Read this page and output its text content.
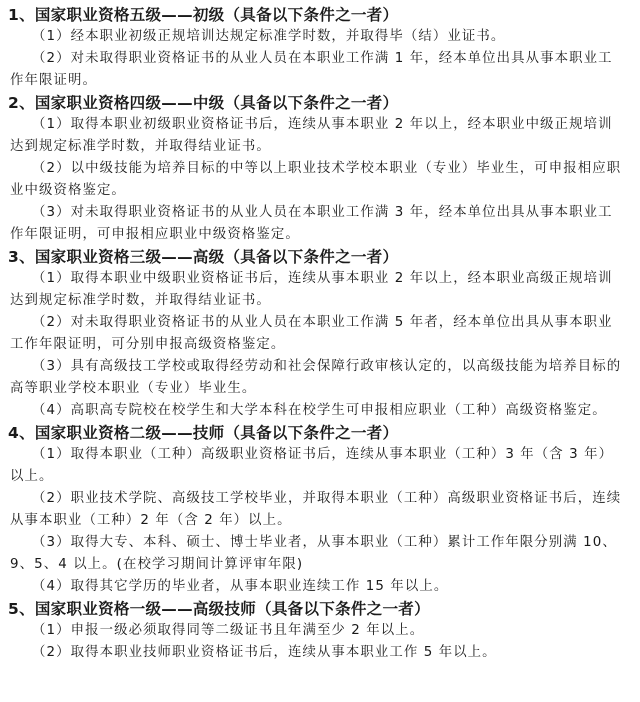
1、国家职业资格五级——初级（具备以下条件之一者）
（1）经本职业初级正规培训达规定标准学时数，并取得毕（结）业证书。
（2）对未取得职业资格证书的从业人员在本职业工作满 1 年，经本单位出具从事本职业工作年限证明。
2、国家职业资格四级——中级（具备以下条件之一者）
（1）取得本职业初级职业资格证书后，连续从事本职业 2 年以上，经本职业中级正规培训达到规定标准学时数，并取得结业证书。
（2）以中级技能为培养目标的中等以上职业技术学校本职业（专业）毕业生，可申报相应职业中级资格鉴定。
（3）对未取得职业资格证书的从业人员在本职业工作满 3 年，经本单位出具从事本职业工作年限证明，可申报相应职业中级资格鉴定。
3、国家职业资格三级——高级（具备以下条件之一者）
（1）取得本职业中级职业资格证书后，连续从事本职业 2 年以上，经本职业高级正规培训达到规定标准学时数，并取得结业证书。
（2）对未取得职业资格证书的从业人员在本职业工作满 5 年者，经本单位出具从事本职业工作年限证明，可分别申报高级资格鉴定。
（3）具有高级技工学校或取得经劳动和社会保障行政审核认定的，以高级技能为培养目标的高等职业学校本职业（专业）毕业生。
（4）高职高专院校在校学生和大学本科在校学生可申报相应职业（工种）高级资格鉴定。
4、国家职业资格二级——技师（具备以下条件之一者）
（1）取得本职业（工种）高级职业资格证书后，连续从事本职业（工种）3 年（含 3 年）以上。
（2）职业技术学院、高级技工学校毕业，并取得本职业（工种）高级职业资格证书后，连续从事本职业（工种）2 年（含 2 年）以上。
（3）取得大专、本科、硕士、博士毕业者，从事本职业（工种）累计工作年限分别满 10、9、5、4 以上。(在校学习期间计算评审年限)
（4）取得其它学历的毕业者，从事本职业连续工作 15 年以上。
5、国家职业资格一级——高级技师（具备以下条件之一者）
（1）申报一级必须取得同等二级证书且年满至少 2 年以上。
（2）取得本职业技师职业资格证书后，连续从事本职业工作 5 年以上。
